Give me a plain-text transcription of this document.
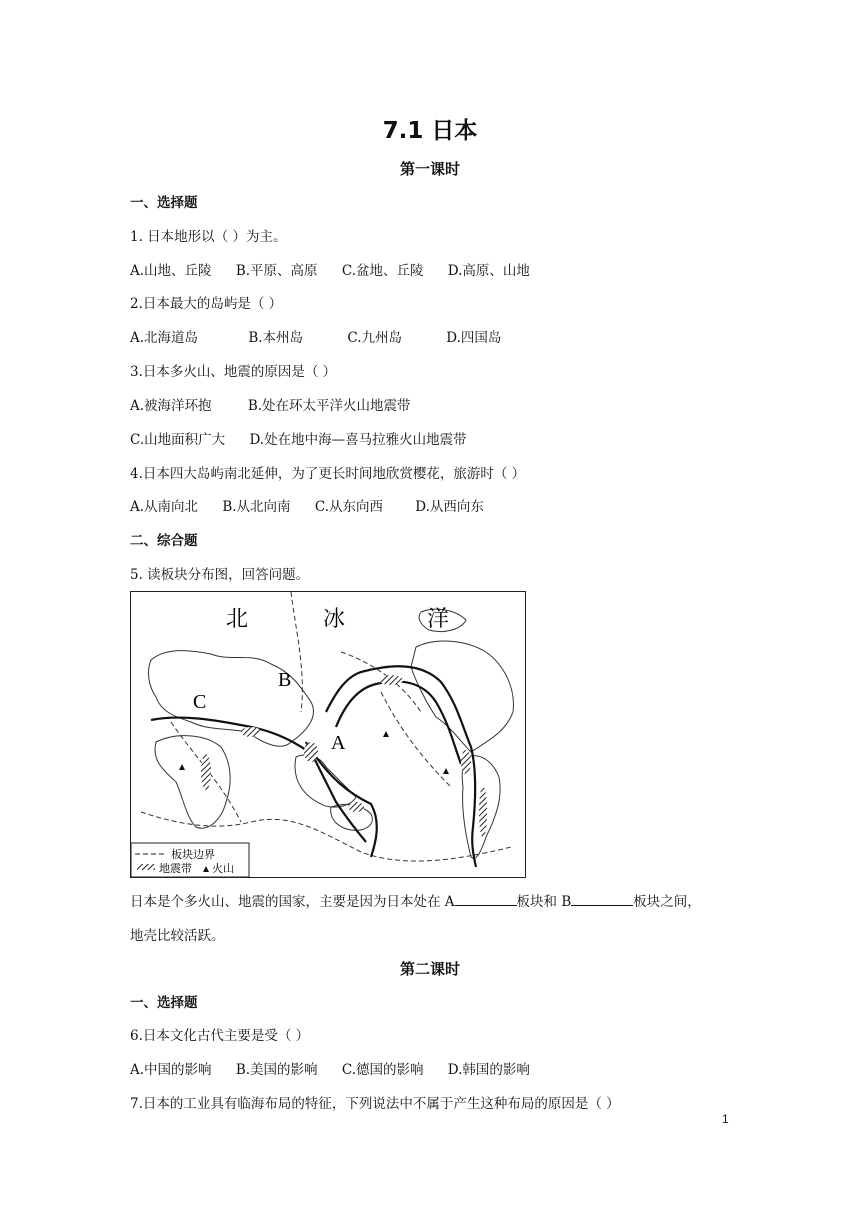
7.1 日本
第一课时
一、选择题
1. 日本地形以（ ）为主。
A.山地、丘陵 B.平原、高原 C.盆地、丘陵 D.高原、山地
2.日本最大的岛屿是（ ）
A.北海道岛	B.本州岛	C.九州岛	D.四国岛
3.日本多火山、地震的原因是（ ）
A.被海洋环抱	B.处在环太平洋火山地震带
C.山地面积广大 D.处在地中海—喜马拉雅火山地震带
4.日本四大岛屿南北延伸，为了更长时间地欣赏樱花，旅游时（ ）
A.从南向北 B.从北向南 C.从东向西 D.从西向东
二、综合题
5. 读板块分布图，回答问题。
北	冰	洋
A
B
C
板块边界
地震带 火山
日本是个多火山、地震的国家，主要是因为日本处在 A	板块和 B	板块之间，
地壳比较活跃。
第二课时
一、选择题
6.日本文化古代主要是受（ ）
A.中国的影响 B.美国的影响 C.德国的影响 D.韩国的影响
7.日本的工业具有临海布局的特征，下列说法中不属于产生这种布局的原因是（ ）
1
